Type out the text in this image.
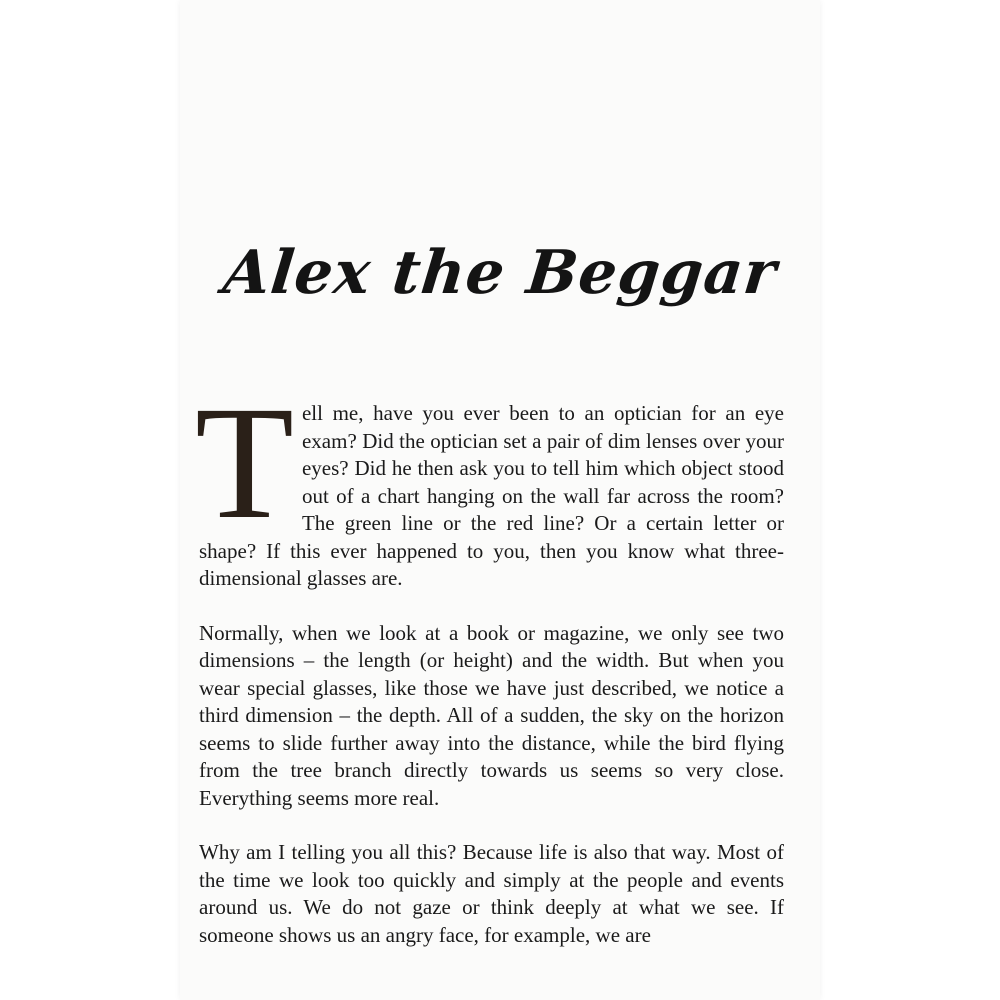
Alex the Beggar

Tell me, have you ever been to an optician for an eye exam? Did the optician set a pair of dim lenses over your eyes? Did he then ask you to tell him which object stood out of a chart hanging on the wall far across the room? The green line or the red line? Or a certain letter or shape? If this ever happened to you, then you know what three-dimensional glasses are.

Normally, when we look at a book or magazine, we only see two dimensions – the length (or height) and the width. But when you wear special glasses, like those we have just described, we notice a third dimension – the depth. All of a sudden, the sky on the horizon seems to slide further away into the distance, while the bird flying from the tree branch directly towards us seems so very close. Everything seems more real.

Why am I telling you all this? Because life is also that way. Most of the time we look too quickly and simply at the people and events around us. We do not gaze or think deeply at what we see. If someone shows us an angry face, for example, we are
